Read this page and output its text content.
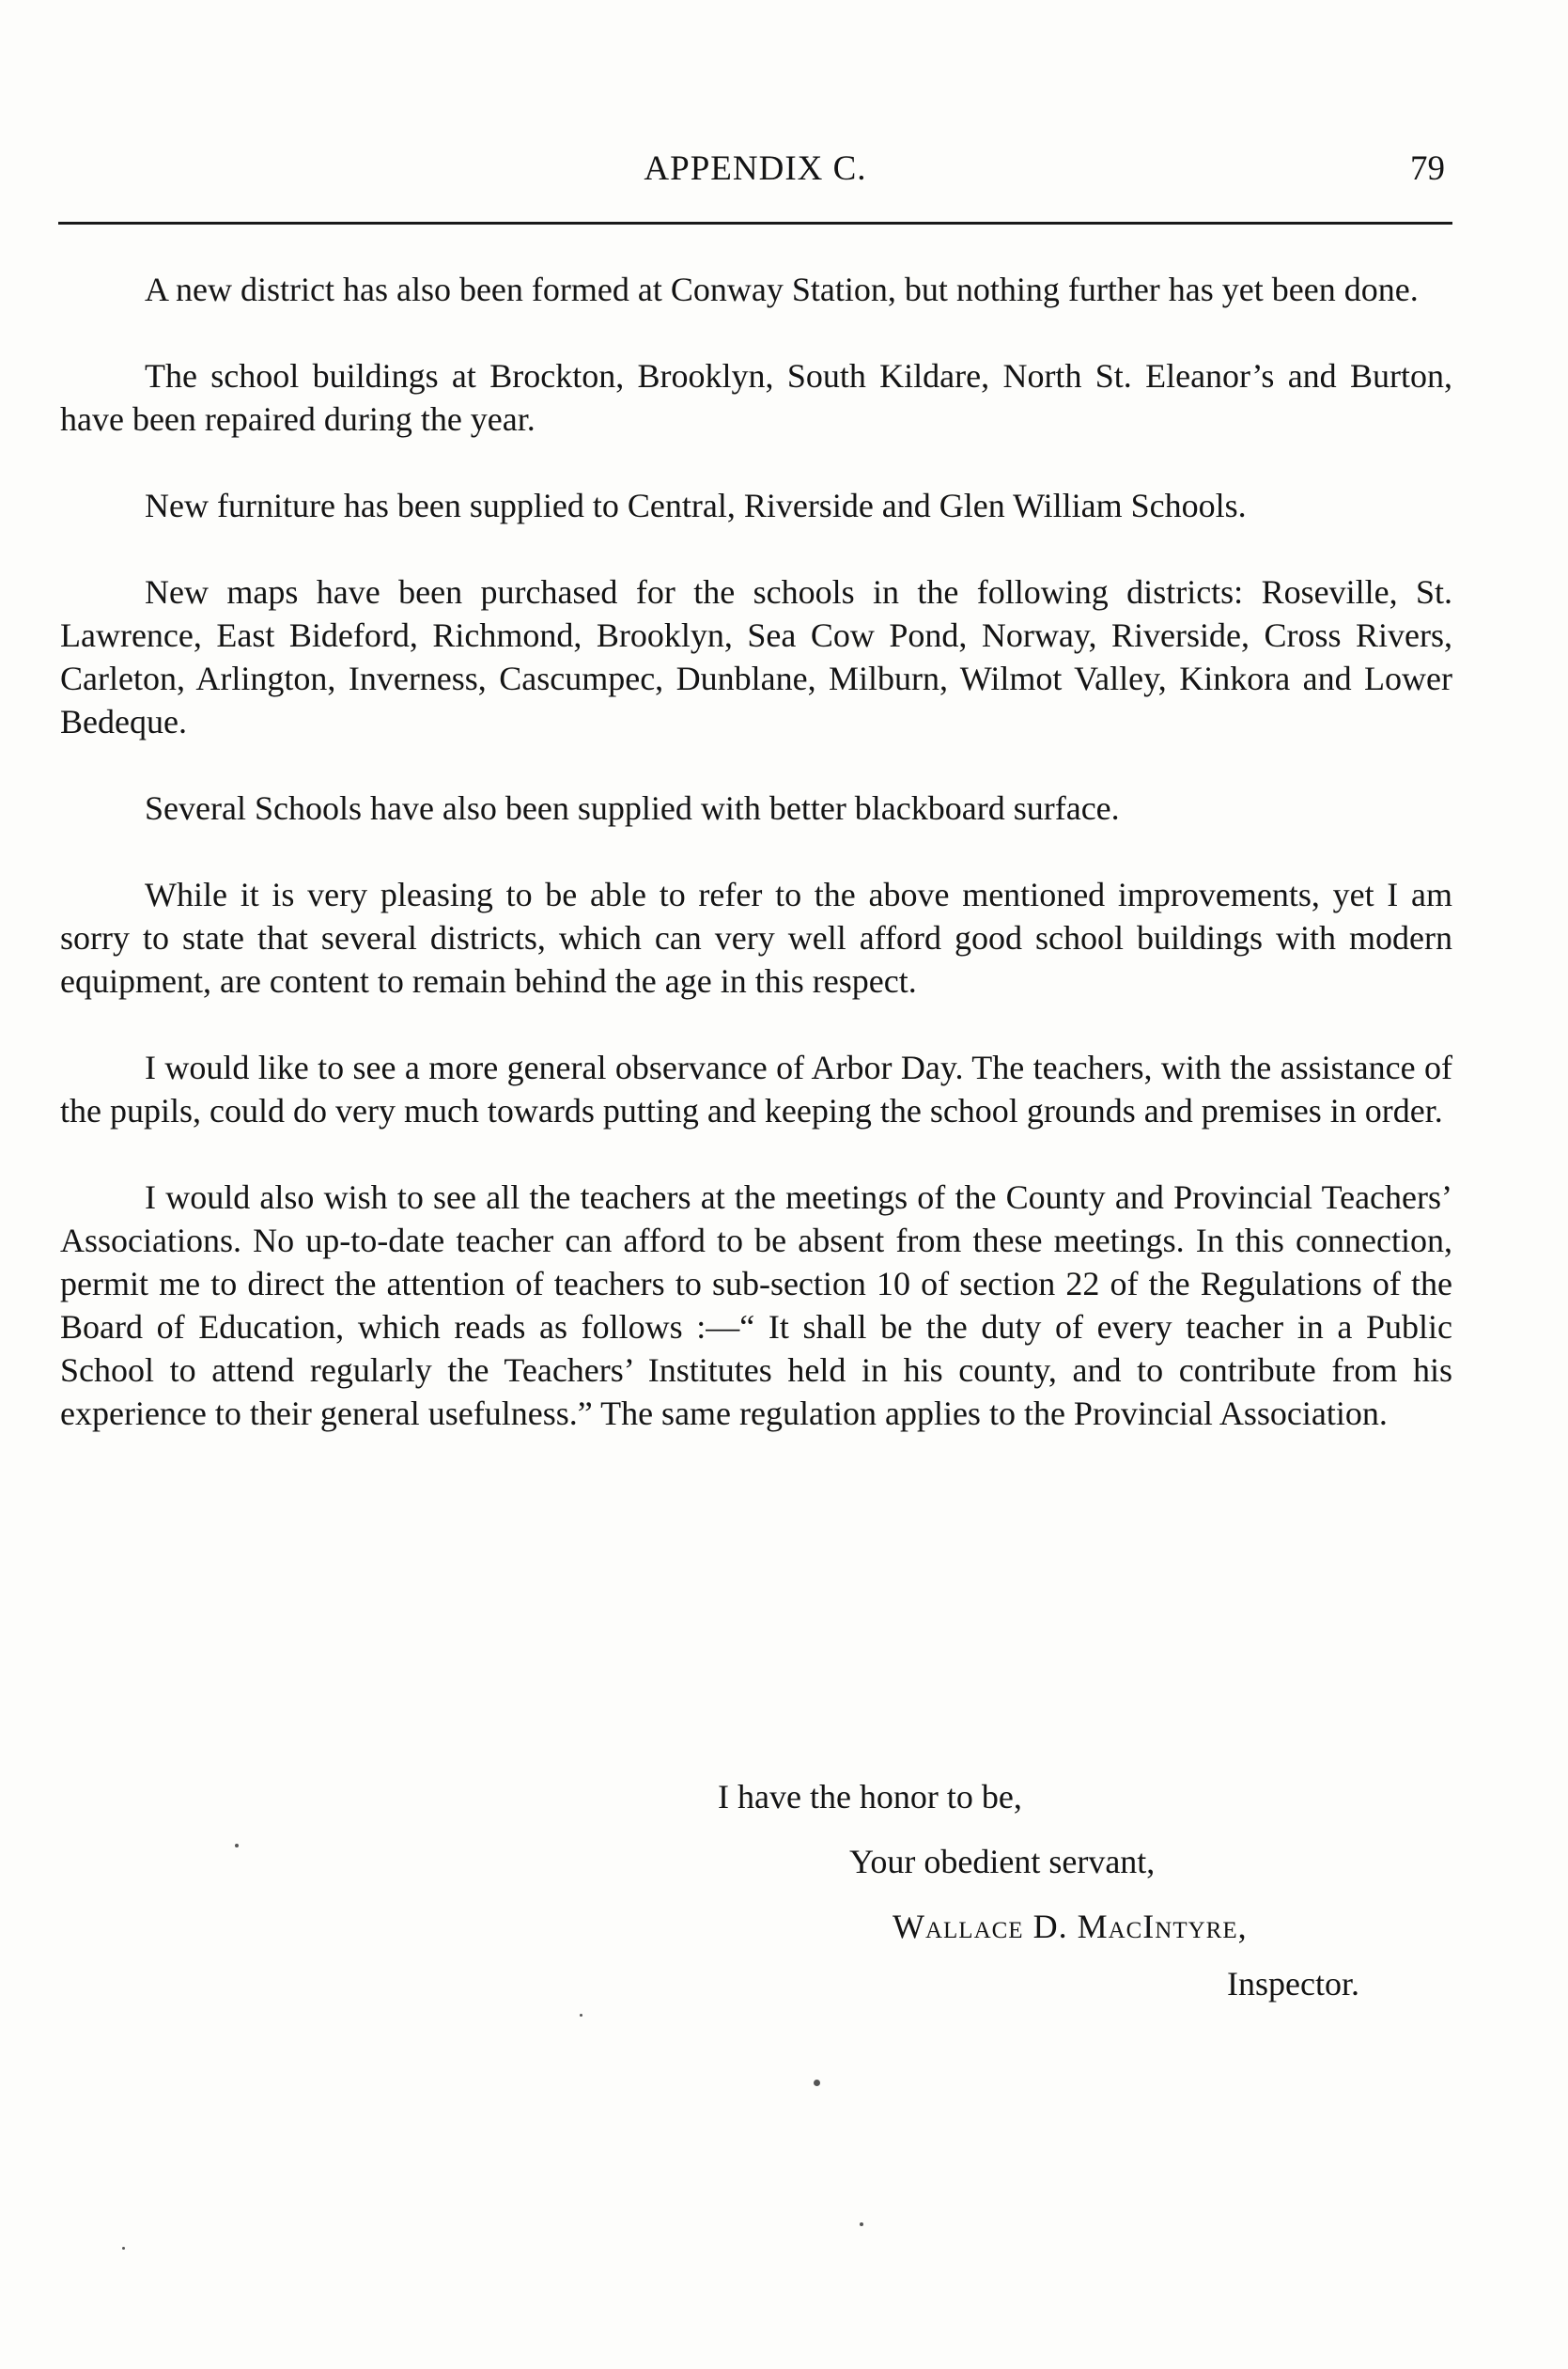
APPENDIX C.	79

A new district has also been formed at Conway Station, but nothing further has yet been done.

The school buildings at Brockton, Brooklyn, South Kildare, North St. Eleanor’s and Burton, have been repaired during the year.

New furniture has been supplied to Central, Riverside and Glen William Schools.

New maps have been purchased for the schools in the following districts: Roseville, St. Lawrence, East Bideford, Richmond, Brooklyn, Sea Cow Pond, Norway, Riverside, Cross Rivers, Carleton, Arlington, Inverness, Cascumpec, Dunblane, Milburn, Wilmot Valley, Kinkora and Lower Bedeque.

Several Schools have also been supplied with better blackboard surface.

While it is very pleasing to be able to refer to the above mentioned improvements, yet I am sorry to state that several districts, which can very well afford good school buildings with modern equipment, are content to remain behind the age in this respect.

I would like to see a more general observance of Arbor Day. The teachers, with the assistance of the pupils, could do very much towards putting and keeping the school grounds and premises in order.

I would also wish to see all the teachers at the meetings of the County and Provincial Teachers’ Associations. No up-to-date teacher can afford to be absent from these meetings. In this connection, permit me to direct the attention of teachers to sub-section 10 of section 22 of the Regulations of the Board of Education, which reads as follows :—“ It shall be the duty of every teacher in a Public School to attend regularly the Teachers’ Institutes held in his county, and to contribute from his experience to their general usefulness.” The same regulation applies to the Provincial Association.

I have the honor to be,
Your obedient servant,
Wallace D. MacIntyre,
Inspector.
